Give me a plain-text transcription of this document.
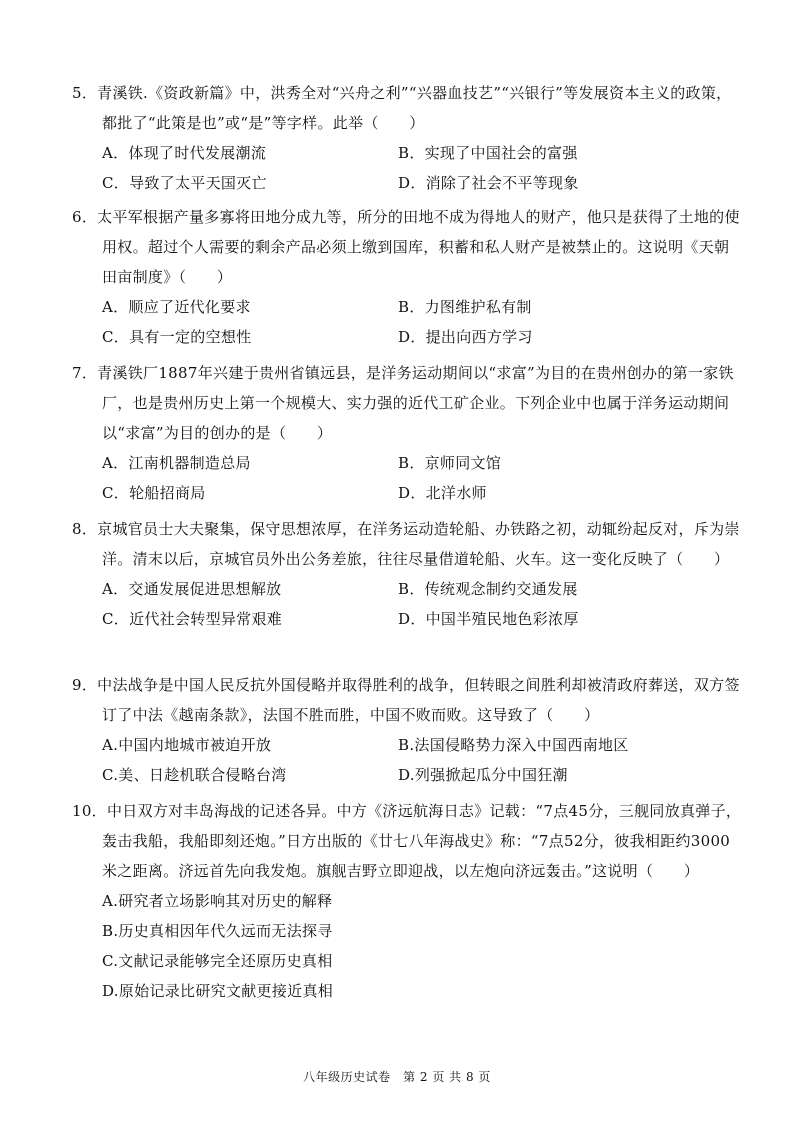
5．青溪铁.《资政新篇》中，洪秀全对“兴舟之利”“兴器血技艺”“兴银行”等发展资本主义的政策，都批了“此策是也”或“是”等字样。此举（　　）

A．体现了时代发展潮流	B．实现了中国社会的富强
C．导致了太平天国灭亡	D．消除了社会不平等现象

6．太平军根据产量多寡将田地分成九等，所分的田地不成为得地人的财产，他只是获得了土地的使用权。超过个人需要的剩余产品必须上缴到国库，积蓄和私人财产是被禁止的。这说明《天朝田亩制度》（　　）

A．顺应了近代化要求	B．力图维护私有制
C．具有一定的空想性	D．提出向西方学习

7．青溪铁厂1887年兴建于贵州省镇远县，是洋务运动期间以“求富”为目的在贵州创办的第一家铁厂，也是贵州历史上第一个规模大、实力强的近代工矿企业。下列企业中也属于洋务运动期间以“求富”为目的创办的是（　　）

A．江南机器制造总局	B．京师同文馆
C．轮船招商局	D．北洋水师

8．京城官员士大夫聚集，保守思想浓厚，在洋务运动造轮船、办铁路之初，动辄纷起反对，斥为崇洋。清末以后，京城官员外出公务差旅，往往尽量借道轮船、火车。这一变化反映了（　　）

A．交通发展促进思想解放	B．传统观念制约交通发展
C．近代社会转型异常艰难	D．中国半殖民地色彩浓厚

9．中法战争是中国人民反抗外国侵略并取得胜利的战争，但转眼之间胜利却被清政府葬送，双方签订了中法《越南条款》，法国不胜而胜，中国不败而败。这导致了（　　）

A.中国内地城市被迫开放	B.法国侵略势力深入中国西南地区
C.美、日趁机联合侵略台湾	D.列强掀起瓜分中国狂潮

10．中日双方对丰岛海战的记述各异。中方《济远航海日志》记载：“7点45分，三舰同放真弹子，轰击我船，我船即刻还炮。”日方出版的《廿七八年海战史》称：“7点52分，彼我相距约3000米之距离。济远首先向我发炮。旗舰吉野立即迎战，以左炮向济远轰击。”这说明（　　）

A.研究者立场影响其对历史的解释
B.历史真相因年代久远而无法探寻
C.文献记录能够完全还原历史真相
D.原始记录比研究文献更接近真相
八年级历史试卷　第 2 页 共 8 页
